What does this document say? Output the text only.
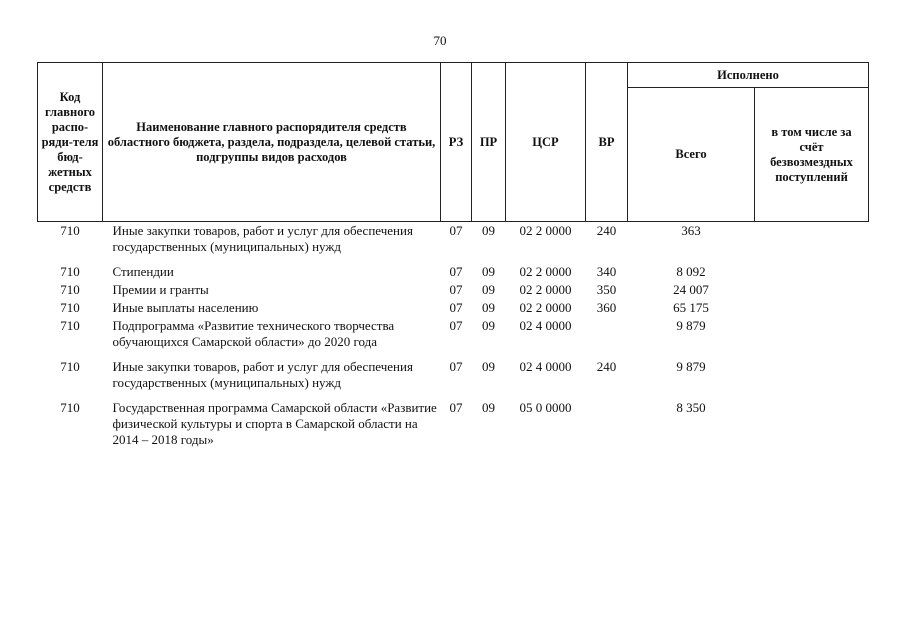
70
Код главного распо-ряди-теля бюд-жетных средств	Наименование главного распорядителя средств областного бюджета, раздела, подраздела, целевой статьи, подгруппы видов расходов	РЗ	ПР	ЦСР	ВР	Исполнено	
						Всего	в том числе за счёт безвозмездных поступлений
710	Иные закупки товаров, работ и услуг для обеспечения государственных (муниципальных) нужд	07	09	02 2 0000	240	363	
710	Стипендии	07	09	02 2 0000	340	8 092	
710	Премии и гранты	07	09	02 2 0000	350	24 007	
710	Иные выплаты населению	07	09	02 2 0000	360	65 175	
710	Подпрограмма «Развитие технического творчества обучающихся Самарской области» до 2020 года	07	09	02 4 0000		9 879	
710	Иные закупки товаров, работ и услуг для обеспечения государственных (муниципальных) нужд	07	09	02 4 0000	240	9 879	
710	Государственная программа Самарской области «Развитие физической культуры и спорта в Самарской области на 2014 – 2018 годы»	07	09	05 0 0000		8 350	
